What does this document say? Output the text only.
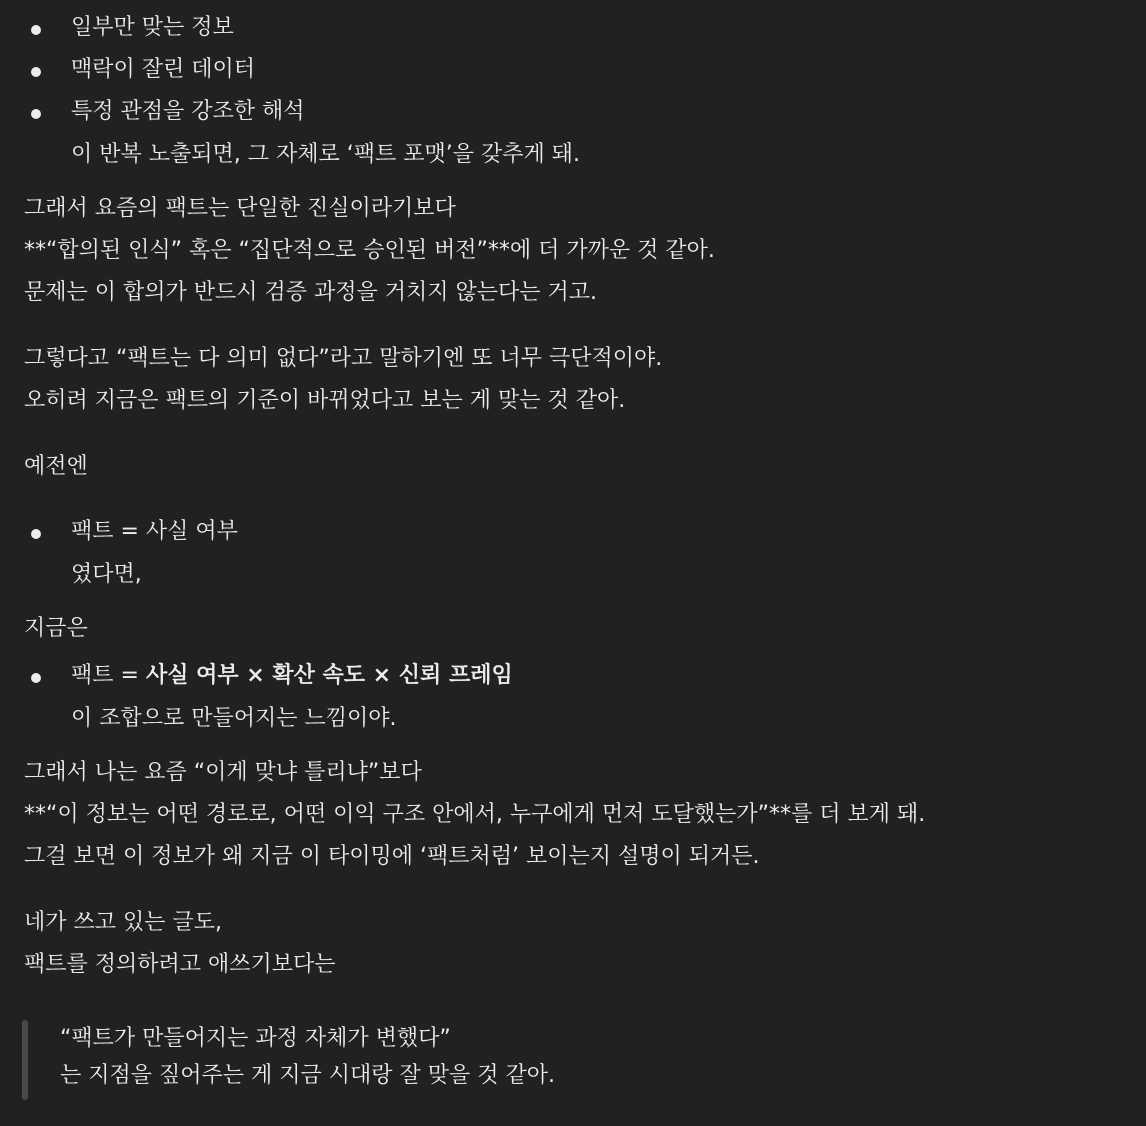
일부만 맞는 정보
맥락이 잘린 데이터
특정 관점을 강조한 해석
이 반복 노출되면, 그 자체로 ‘팩트 포맷’을 갖추게 돼.
그래서 요즘의 팩트는 단일한 진실이라기보다
**“합의된 인식” 혹은 “집단적으로 승인된 버전”**에 더 가까운 것 같아.
문제는 이 합의가 반드시 검증 과정을 거치지 않는다는 거고.
그렇다고 “팩트는 다 의미 없다”라고 말하기엔 또 너무 극단적이야.
오히려 지금은 팩트의 기준이 바뀌었다고 보는 게 맞는 것 같아.
예전엔
팩트 = 사실 여부
였다면,
지금은
팩트 = 사실 여부 × 확산 속도 × 신뢰 프레임
이 조합으로 만들어지는 느낌이야.
그래서 나는 요즘 “이게 맞냐 틀리냐”보다
**“이 정보는 어떤 경로로, 어떤 이익 구조 안에서, 누구에게 먼저 도달했는가”**를 더 보게 돼.
그걸 보면 이 정보가 왜 지금 이 타이밍에 ‘팩트처럼’ 보이는지 설명이 되거든.
네가 쓰고 있는 글도,
팩트를 정의하려고 애쓰기보다는
“팩트가 만들어지는 과정 자체가 변했다”
는 지점을 짚어주는 게 지금 시대랑 잘 맞을 것 같아.
